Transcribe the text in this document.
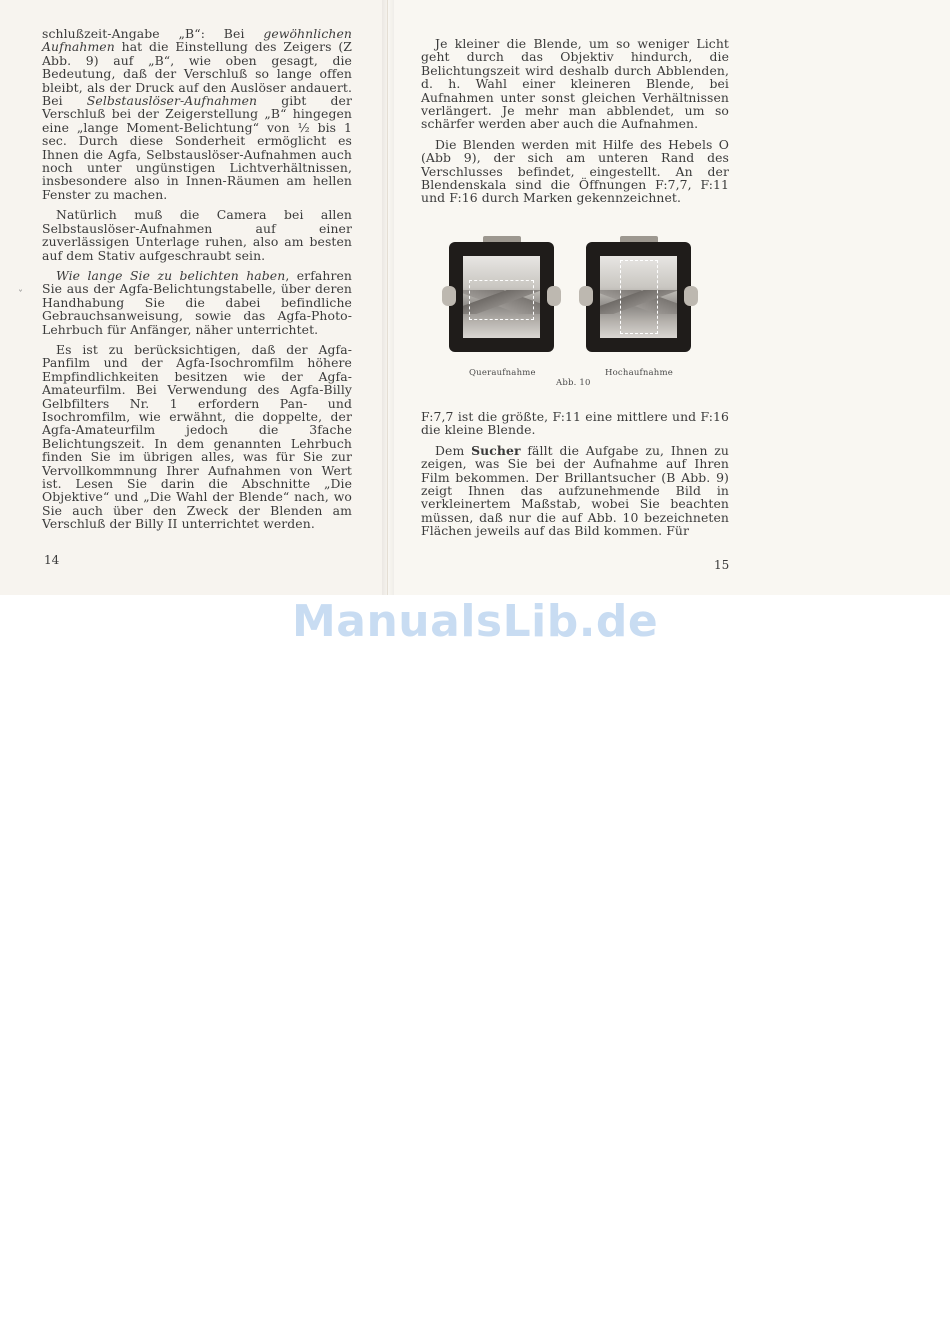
ˇ

schlußzeit-Angabe „B“: Bei gewöhnlichen Aufnahmen hat die Einstellung des Zeigers (Z Abb. 9) auf „B“, wie oben gesagt, die Bedeutung, daß der Verschluß so lange offen bleibt, als der Druck auf den Auslöser andauert. Bei Selbstauslöser-Aufnahmen gibt der Verschluß bei der Zeigerstellung „B“ hingegen eine „lange Moment-Belichtung“ von ½ bis 1 sec. Durch diese Sonderheit ermöglicht es Ihnen die Agfa, Selbstauslöser-Aufnahmen auch noch unter ungünstigen Lichtverhältnissen, insbesondere also in Innen-Räumen am hellen Fenster zu machen.

Natürlich muß die Camera bei allen Selbstauslöser-Aufnahmen auf einer zuverlässigen Unterlage ruhen, also am besten auf dem Stativ aufgeschraubt sein.

Wie lange Sie zu belichten haben, erfahren Sie aus der Agfa-Belichtungstabelle, über deren Handhabung Sie die dabei befindliche Gebrauchsanweisung, sowie das Agfa-Photo-Lehrbuch für Anfänger, näher unterrichtet.

Es ist zu berücksichtigen, daß der Agfa-Panfilm und der Agfa-Isochromfilm höhere Empfindlichkeiten besitzen wie der Agfa-Amateurfilm. Bei Verwendung des Agfa-Billy Gelbfilters Nr. 1 erfordern Pan- und Isochromfilm, wie erwähnt, die doppelte, der Agfa-Amateurfilm jedoch die 3fache Belichtungszeit. In dem genannten Lehrbuch finden Sie im übrigen alles, was für Sie zur Vervollkommnung Ihrer Aufnahmen von Wert ist. Lesen Sie darin die Abschnitte „Die Objektive“ und „Die Wahl der Blende“ nach, wo Sie auch über den Zweck der Blenden am Verschluß der Billy II unterrichtet werden.

14

Je kleiner die Blende, um so weniger Licht geht durch das Objektiv hindurch, die Belichtungszeit wird deshalb durch Abblenden, d. h. Wahl einer kleineren Blende, bei Aufnahmen unter sonst gleichen Verhältnissen verlängert. Je mehr man abblendet, um so schärfer werden aber auch die Aufnahmen.

Die Blenden werden mit Hilfe des Hebels O (Abb 9), der sich am unteren Rand des Verschlusses befindet, eingestellt. An der Blendenskala sind die Öffnungen F:7,7, F:11 und F:16 durch Marken gekennzeichnet.

Queraufnahme	Hochaufnahme
Abb. 10

F:7,7 ist die größte, F:11 eine mittlere und F:16 die kleine Blende.

Dem Sucher fällt die Aufgabe zu, Ihnen zu zeigen, was Sie bei der Aufnahme auf Ihren Film bekommen. Der Brillantsucher (B Abb. 9) zeigt Ihnen das aufzunehmende Bild in verkleinertem Maßstab, wobei Sie beachten müssen, daß nur die auf Abb. 10 bezeichneten Flächen jeweils auf das Bild kommen. Für

15
ManualsLib.de
